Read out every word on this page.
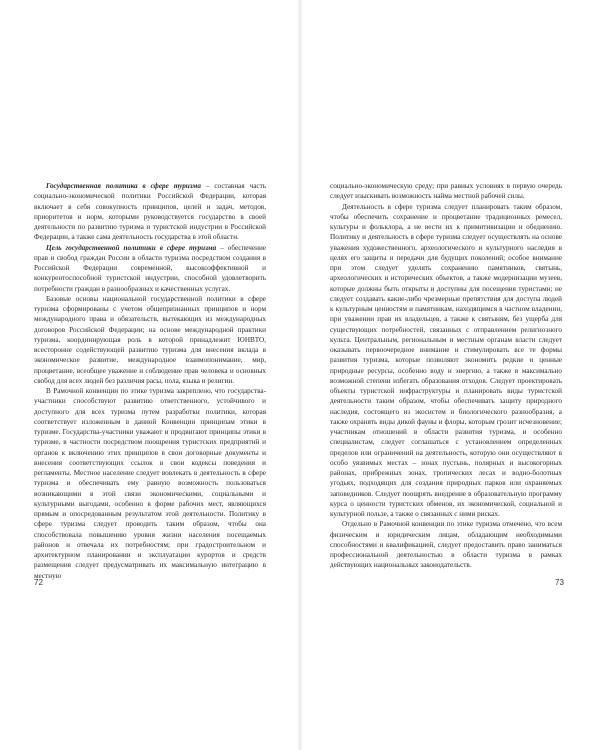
Государственная политика в сфере туризма – составная часть социально-экономической политики Российской Федерации, которая включает в себя совокупность принципов, целей и задач, методов, приоритетов и норм, которыми руководствуется государство в своей деятельности по развитию туризма и туристской индустрии в Российской Федерации, а также сама деятельность государства в этой области.

Цель государственной политики в сфере туризма – обеспечение прав и свобод граждан России в области туризма посредством создания в Российской Федерации современной, высокоэффективной и конкурентоспособной туристской индустрии, способной удовлетворить потребности граждан в разнообразных и качественных услугах.

Базовые основы национальной государственной политики в сфере туризма сформированы с учетом общепризнанных принципов и норм международного права и обязательств, вытекающих из международных договоров Российской Федерации; на основе международной практики туризма, координирующая роль в которой принадлежит ЮНВТО, всесторонне содействующей развитию туризма для внесения вклада в экономическое развитие, международное взаимопонимание, мир, процветание, всеобщее уважение и соблюдение прав человека и основных свобод для всех людей без различия расы, пола, языка и религии.

В Рамочной конвенции по этике туризма закреплено, что государства-участники способствуют развитию ответственного, устойчивого и доступного для всех туризма путем разработки политики, которая соответствует изложенным в данной Конвенции принципам этики в туризме. Государства-участники уважают и продвигают принципы этики в туризме, в частности посредством поощрения туристских предприятий и органов к включению этих принципов в свои договорные документы и внесения соответствующих ссылок в свои кодексы поведения и регламенты. Местное население следует вовлекать в деятельность в сфере туризма и обеспечивать ему равную возможность пользоваться возникающими в этой связи экономическими, социальными и культурными выгодами, особенно в форме рабочих мест, являющихся прямым и опосредованным результатом этой деятельности. Политику в сфере туризма следует проводить таким образом, чтобы она способствовала повышению уровня жизни населения посещаемых районов и отвечала их потребностям; при градостроительном и архитектурном планировании и эксплуатации курортов и средств размещения следует предусматривать их максимальную интеграцию в местную

социально-экономическую среду; при равных условиях в первую очередь следует изыскивать возможность найма местной рабочей силы.

Деятельность в сфере туризма следует планировать таким образом, чтобы обеспечить сохранение и процветание традиционных ремесел, культуры и фольклора, а не вести их к примитивизации и обеднению. Политику и деятельность в сфере туризма следует осуществлять на основе уважения художественного, археологического и культурного наследия в целях его защиты и передачи для будущих поколений; особое внимание при этом следует уделять сохранению памятников, святынь, археологических и исторических объектов, а также модернизации музеев, которые должны быть открыты и доступны для посещения туристами; не следует создавать какие-либо чрезмерные препятствия для доступа людей к культурным ценностям и памятникам, находящимся в частном владении, при уважении прав их владельцев, а также к святыням, без ущерба для существующих потребностей, связанных с отправлением религиозного культа. Центральным, региональным и местным органам власти следует оказывать первоочередное внимание и стимулировать все те формы развития туризма, которые позволяют экономить редкие и ценные природные ресурсы, особенно воду и энергию, а также в максимально возможной степени избегать образования отходов. Следует проектировать объекты туристской инфраструктуры и планировать виды туристской деятельности таким образом, чтобы обеспечивать защиту природного наследия, состоящего из экосистем и биологического разнообразия, а также охранять виды дикой фауны и флоры, которым грозит исчезновение; участникам отношений в области развития туризма, и особенно специалистам, следует соглашаться с установлением определенных пределов или ограничений на деятельность, которую они осуществляют в особо уязвимых местах – зонах пустынь, полярных и высокогорных районах, прибрежных зонах, тропических лесах и водно-болотных угодьях, подходящих для создания природных парков или охраняемых заповедников. Следует поощрять внедрение в образовательную программу курса о ценности туристских обменов, их экономической, социальной и культурной пользе, а также о связанных с ними рисках.

Отдельно в Рамочной конвенции по этике туризма отмечено, что всем физическим и юридическим лицам, обладающим необходимыми способностями и квалификацией, следует предоставить право заниматься профессиональной деятельностью в области туризма в рамках действующих национальных законодательств.

72	73
